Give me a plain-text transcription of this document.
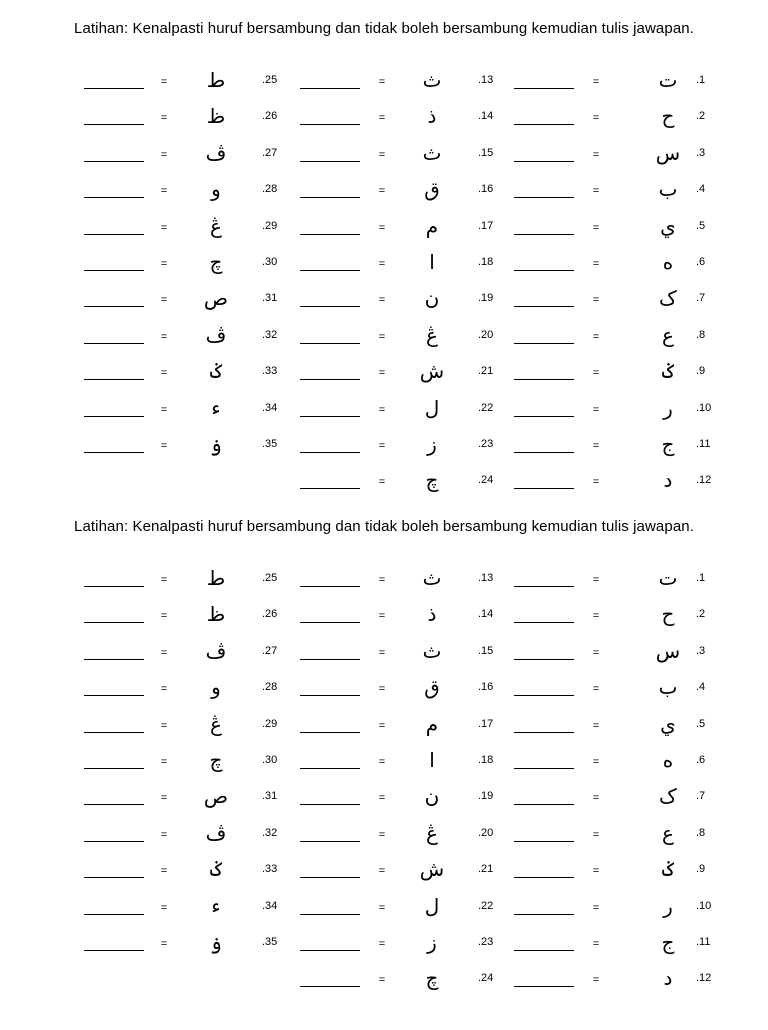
Latihan: Kenalpasti huruf bersambung dan tidak boleh bersambung kemudian tulis jawapan.
=	ت	.1
=	ح	.2
=	س	.3
=	ب	.4
=	ي	.5
=	ه	.6
=	ک	.7
=	ع	.8
=	ݢ	.9
=	ر	.10
=	ج	.11
=	د	.12
=	ث	.13
=	ذ	.14
=	ث	.15
=	ق	.16
=	م	.17
=	ا	.18
=	ن	.19
=	ڠ	.20
= ش	.21
=	ل	.22
=	ز	.23
=	چ	.24
=	ط	.25
=	ظ	.26
=	ڤ	.27
=	و	.28
=	ڠ	.29
=	چ	.30
= ص	.31
=	ڤ	.32
=	ݢ	.33
=	ء	.34
=	ۏ	.35
Latihan: Kenalpasti huruf bersambung dan tidak boleh bersambung kemudian tulis jawapan.
=	ت	.1
=	ح	.2
=	س	.3
=	ب	.4
=	ي	.5
=	ه	.6
=	ک	.7
=	ع	.8
=	ݢ	.9
=	ر	.10
=	ج	.11
=	د	.12
=	ث	.13
=	ذ	.14
=	ث	.15
=	ق	.16
=	م	.17
=	ا	.18
=	ن	.19
=	ڠ	.20
= ش	.21
=	ل	.22
=	ز	.23
=	چ	.24
=	ط	.25
=	ظ	.26
=	ڤ	.27
=	و	.28
=	ڠ	.29
=	چ	.30
= ص	.31
=	ڤ	.32
=	ݢ	.33
=	ء	.34
=	ۏ	.35
